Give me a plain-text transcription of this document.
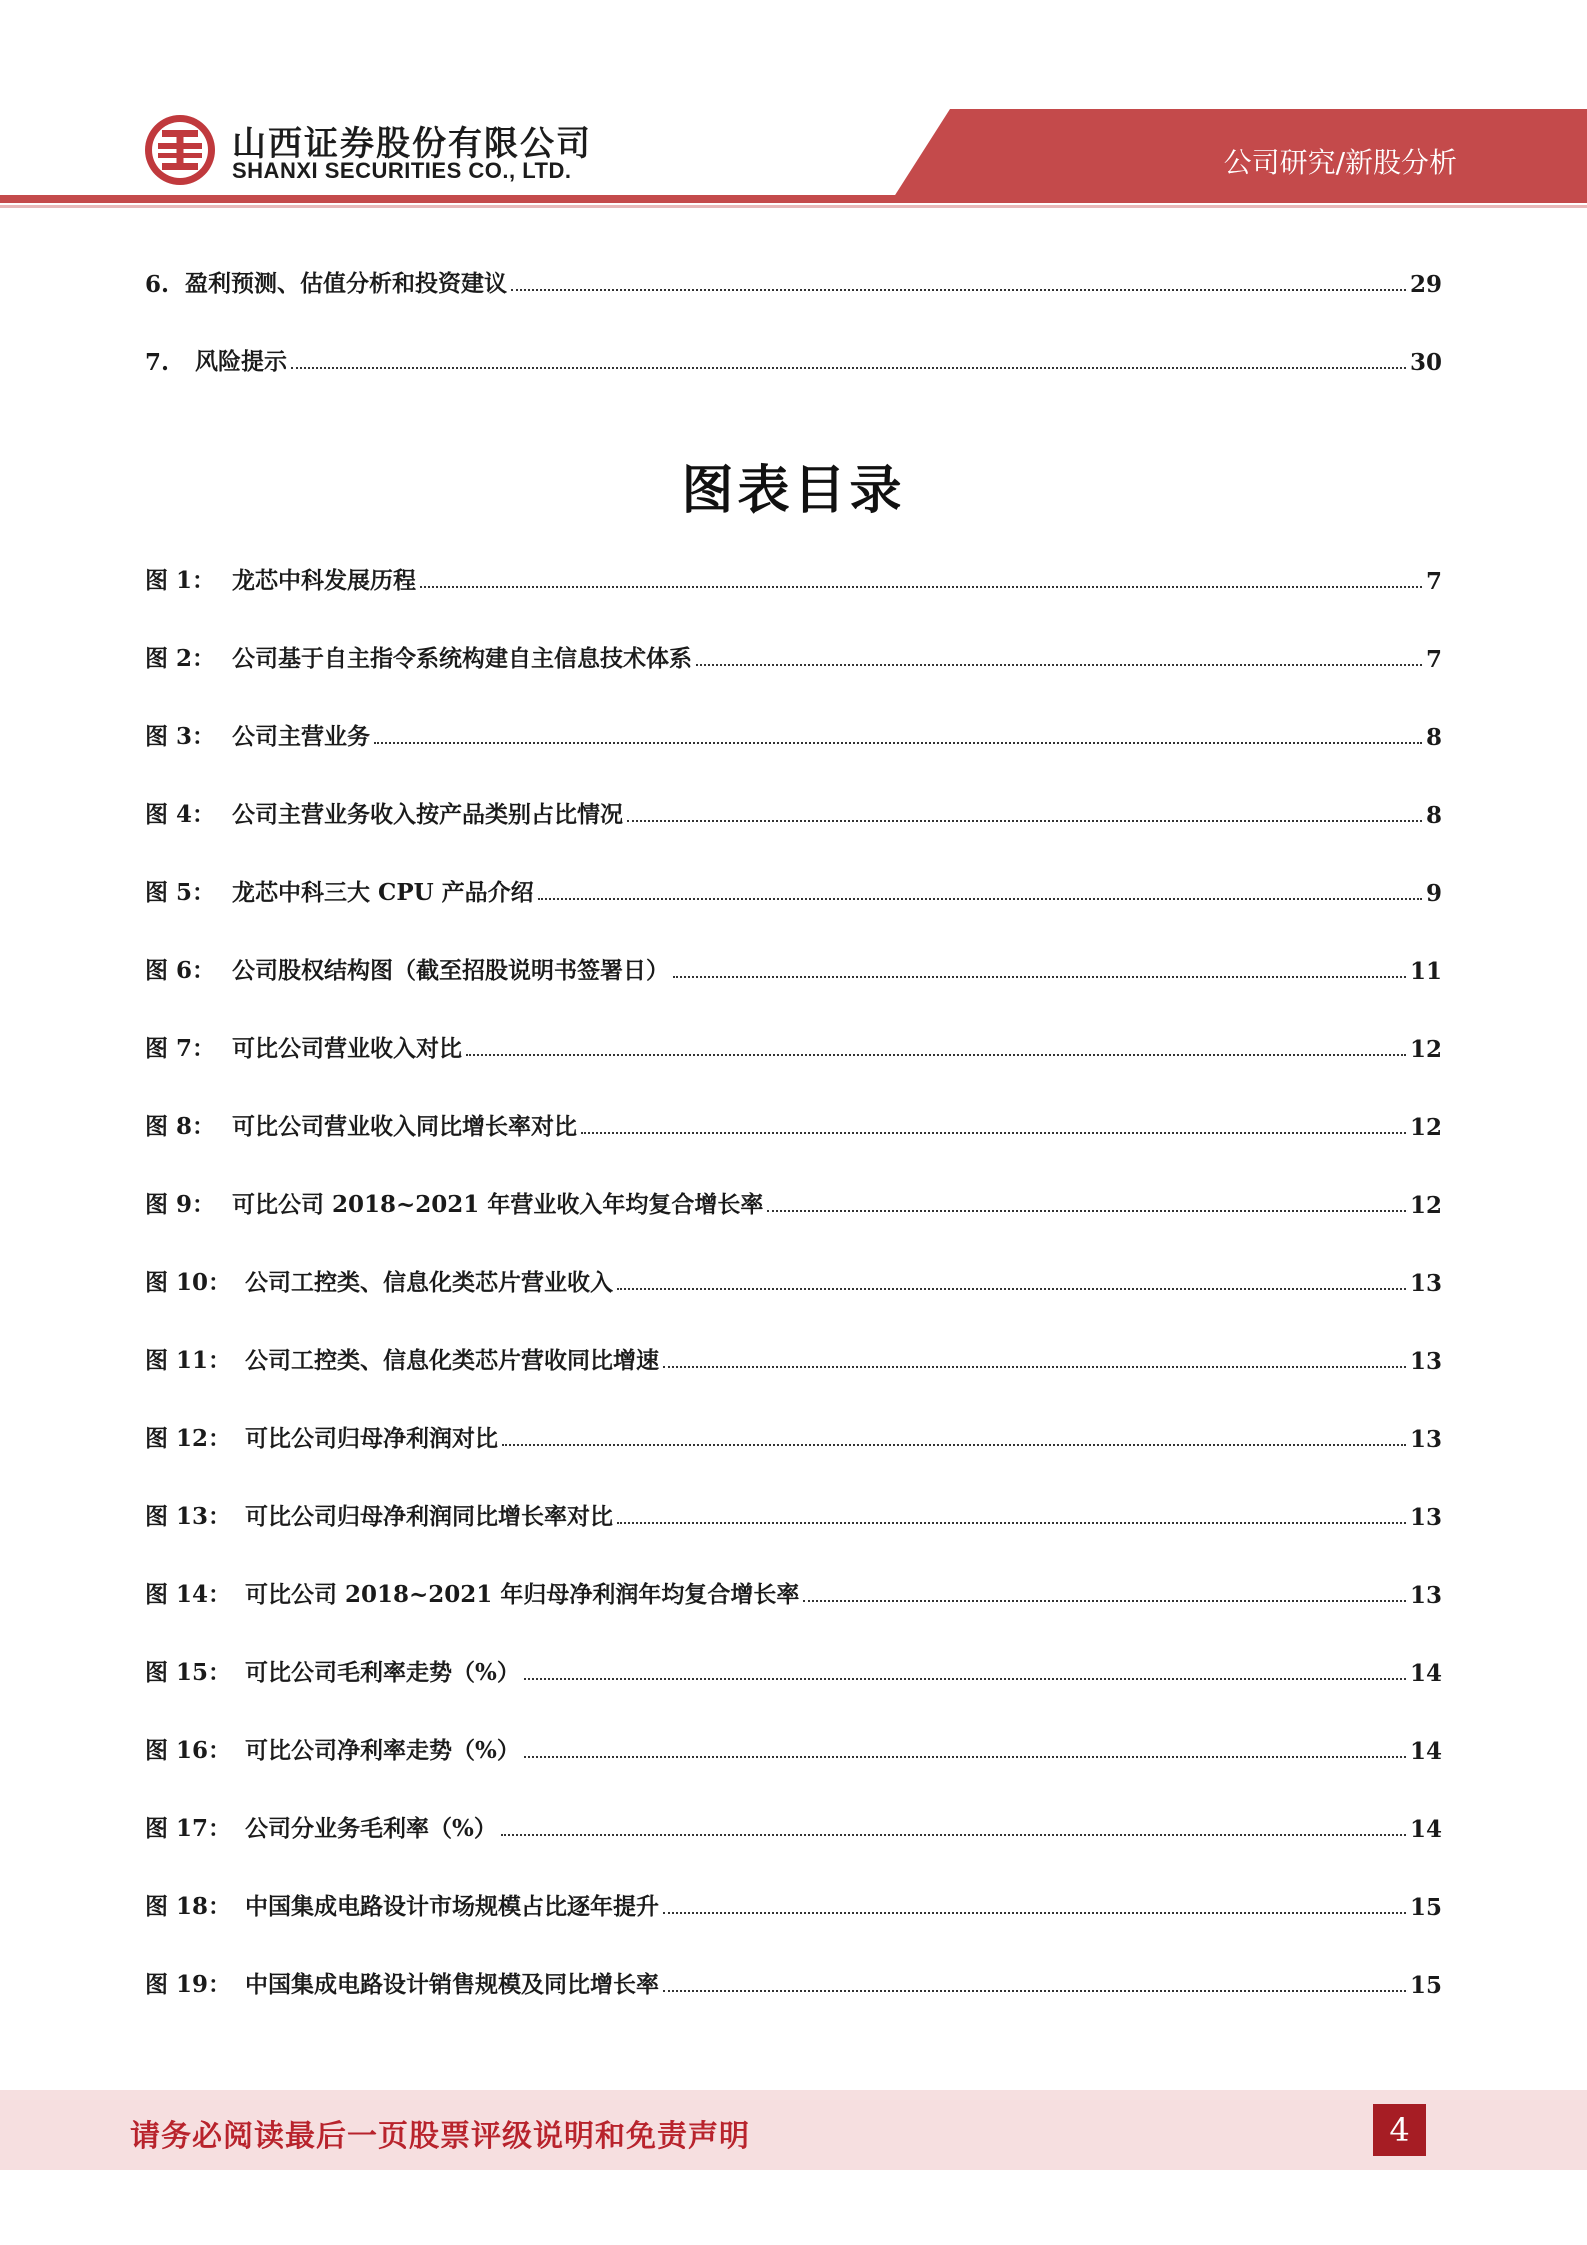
山西证券股份有限公司
SHANXI SECURITIES CO., LTD.	公司研究/新股分析
6. 盈利预测、估值分析和投资建议	29
7.	风险提示	30
图表目录
图 1： 龙芯中科发展历程	7
图 2： 公司基于自主指令系统构建自主信息技术体系	7
图 3： 公司主营业务	8
图 4： 公司主营业务收入按产品类别占比情况	8
图 5： 龙芯中科三大 CPU 产品介绍	9
图 6： 公司股权结构图（截至招股说明书签署日）	11
图 7： 可比公司营业收入对比	12
图 8： 可比公司营业收入同比增长率对比	12
图 9： 可比公司 2018~2021 年营业收入年均复合增长率	12
图 10： 公司工控类、信息化类芯片营业收入	13
图 11： 公司工控类、信息化类芯片营收同比增速	13
图 12： 可比公司归母净利润对比	13
图 13： 可比公司归母净利润同比增长率对比	13
图 14： 可比公司 2018~2021 年归母净利润年均复合增长率	13
图 15： 可比公司毛利率走势（%）	14
图 16： 可比公司净利率走势（%）	14
图 17： 公司分业务毛利率（%）	14
图 18： 中国集成电路设计市场规模占比逐年提升	15
图 19： 中国集成电路设计销售规模及同比增长率	15
请务必阅读最后一页股票评级说明和免责声明	4
